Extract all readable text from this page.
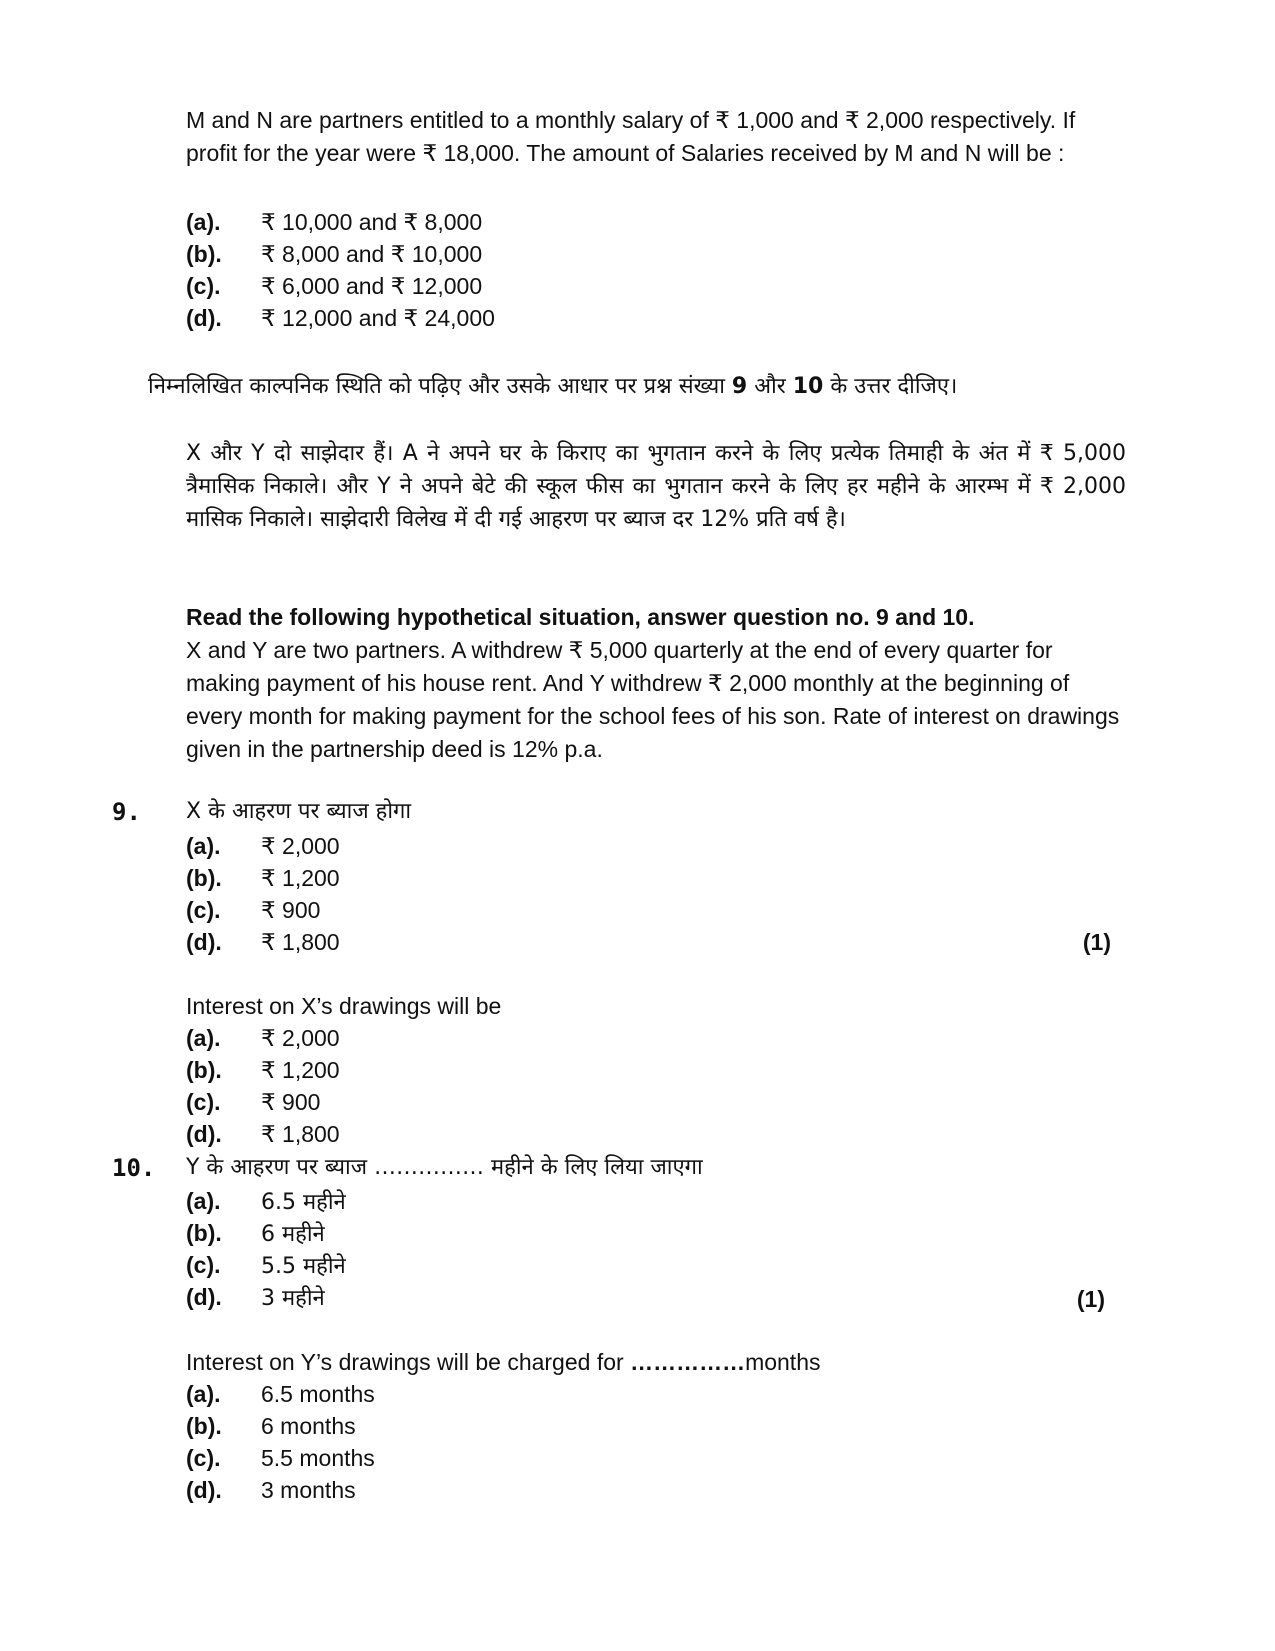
M and N are partners entitled to a monthly salary of ₹ 1,000 and ₹ 2,000 respectively. If profit for the year were ₹ 18,000. The amount of Salaries received by M and N will be :

(a). ₹ 10,000 and ₹ 8,000
(b). ₹ 8,000 and ₹ 10,000
(c). ₹ 6,000 and ₹ 12,000
(d). ₹ 12,000 and ₹ 24,000

निम्नलिखित काल्पनिक स्थिति को पढ़िए और उसके आधार पर प्रश्न संख्या 9 और 10 के उत्तर दीजिए।

X और Y दो साझेदार हैं। A ने अपने घर के किराए का भुगतान करने के लिए प्रत्येक तिमाही के अंत में ₹ 5,000 त्रैमासिक निकाले। और Y ने अपने बेटे की स्कूल फीस का भुगतान करने के लिए हर महीने के आरम्भ में ₹ 2,000 मासिक निकाले। साझेदारी विलेख में दी गई आहरण पर ब्याज दर 12% प्रति वर्ष है।

Read the following hypothetical situation, answer question no. 9 and 10.

X and Y are two partners. A withdrew ₹ 5,000 quarterly at the end of every quarter for making payment of his house rent. And Y withdrew ₹ 2,000 monthly at the beginning of every month for making payment for the school fees of his son. Rate of interest on drawings given in the partnership deed is 12% p.a.

9. X के आहरण पर ब्याज होगा
(a). ₹ 2,000
(b). ₹ 1,200
(c). ₹ 900
(d). ₹ 1,800	(1)
Interest on X’s drawings will be
(a). ₹ 2,000
(b). ₹ 1,200
(c). ₹ 900
(d). ₹ 1,800
10. Y के आहरण पर ब्याज …………… महीने के लिए लिया जाएगा
(a). 6.5 महीने
(b). 6 महीने
(c). 5.5 महीने
(d). 3 महीने	(1)
Interest on Y’s drawings will be charged for ……………months
(a). 6.5 months
(b). 6 months
(c). 5.5 months
(d). 3 months
